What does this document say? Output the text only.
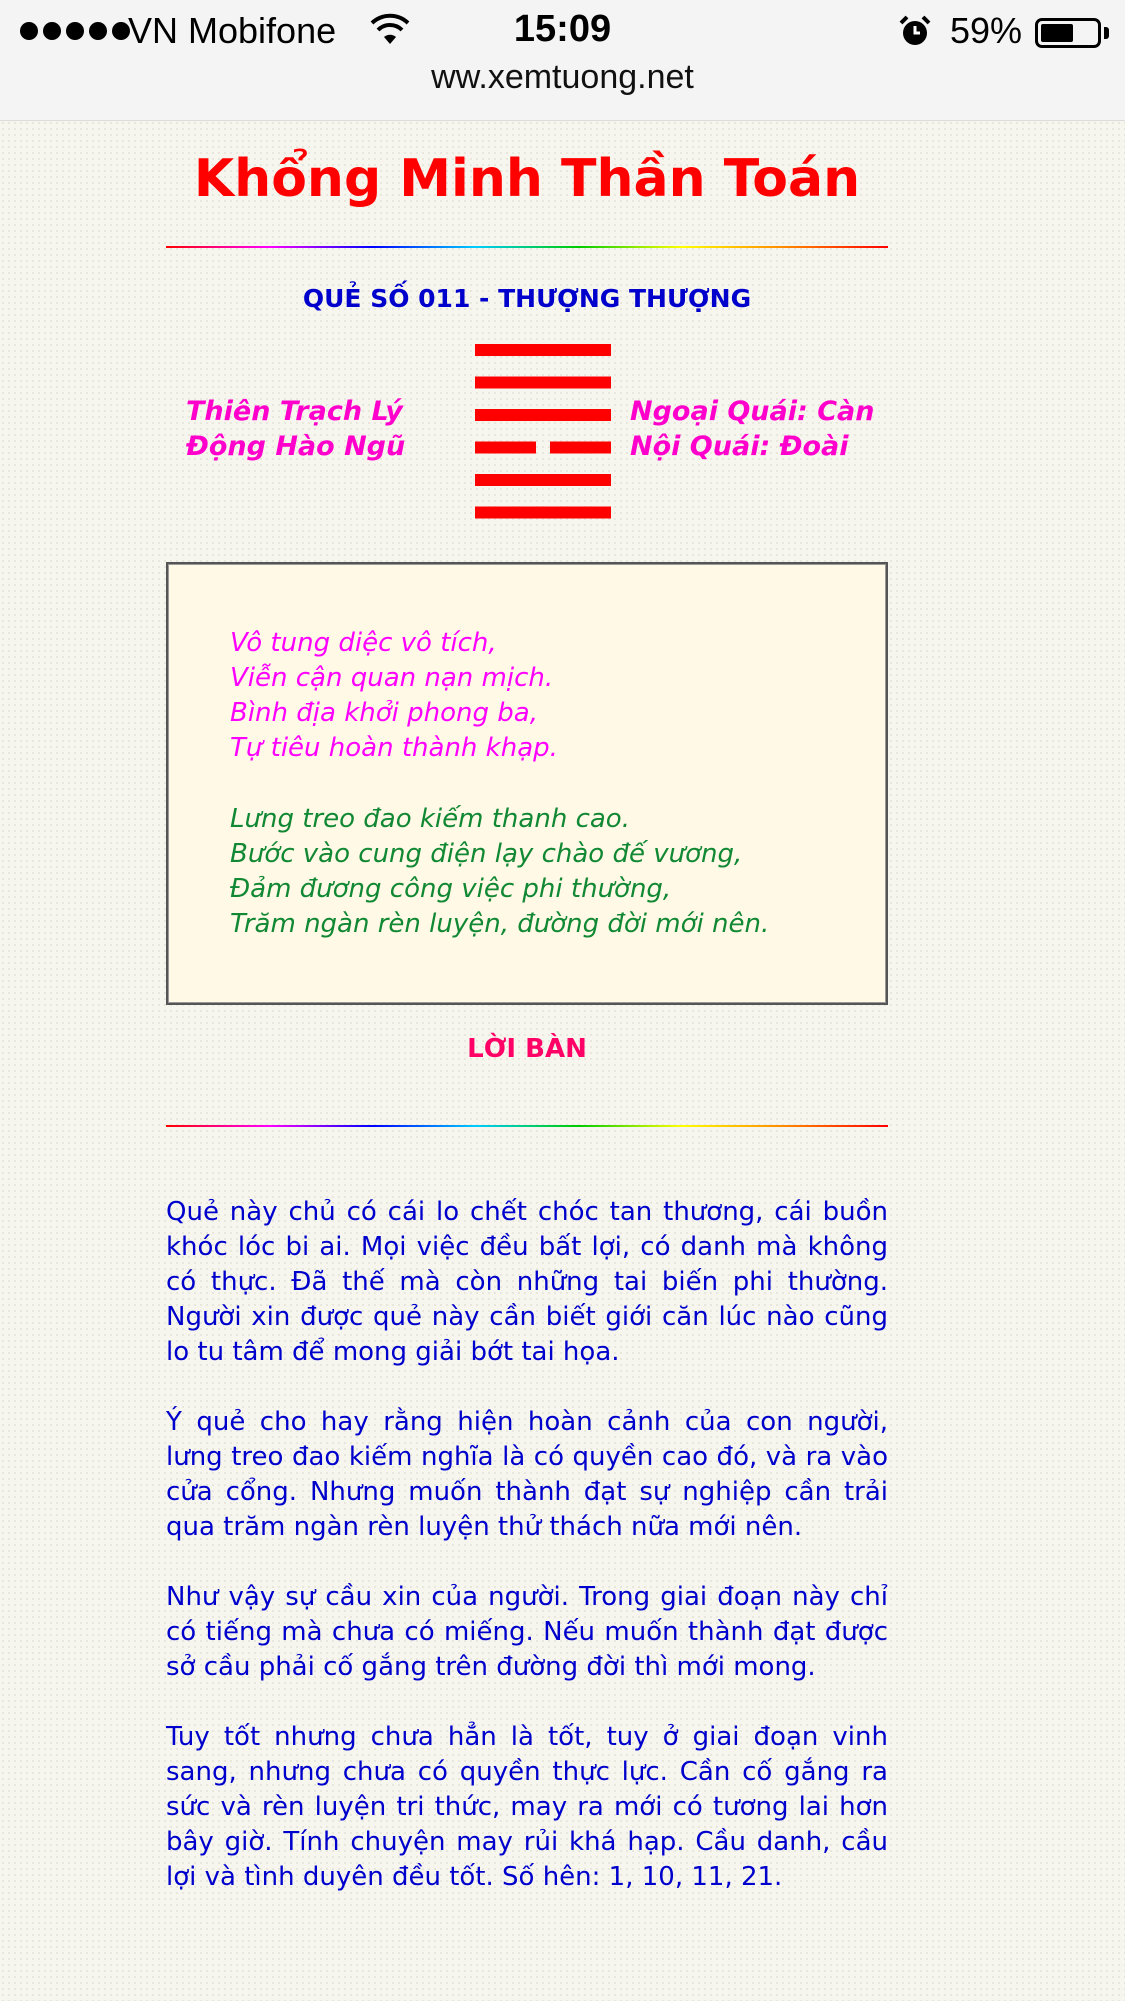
VN Mobifone	15:09	59%
ww.xemtuong.net
Khổng Minh Thần Toán
QUẺ SỐ 011 - THƯỢNG THƯỢNG
Thiên Trạch Lý
Động Hào Ngũ
Ngoại Quái: Càn
Nội Quái: Đoài
Vô tung diệc vô tích,
Viễn cận quan nạn mịch.
Bình địa khởi phong ba,
Tự tiêu hoàn thành khạp.
Lưng treo đao kiếm thanh cao.
Bước vào cung điện lạy chào đế vương,
Đảm đương công việc phi thường,
Trăm ngàn rèn luyện, đường đời mới nên.
LỜI BÀN

Quẻ này chủ có cái lo chết chóc tan thương, cái buồn khóc lóc bi ai. Mọi việc đều bất lợi, có danh mà không có thực. Đã thế mà còn những tai biến phi thường. Người xin được quẻ này cần biết giới căn lúc nào cũng lo tu tâm để mong giải bớt tai họa.

Ý quẻ cho hay rằng hiện hoàn cảnh của con người, lưng treo đao kiếm nghĩa là có quyền cao đó, và ra vào cửa cổng. Nhưng muốn thành đạt sự nghiệp cần trải qua trăm ngàn rèn luyện thử thách nữa mới nên.

Như vậy sự cầu xin của người. Trong giai đoạn này chỉ có tiếng mà chưa có miếng. Nếu muốn thành đạt được sở cầu phải cố gắng trên đường đời thì mới mong.

Tuy tốt nhưng chưa hẳn là tốt, tuy ở giai đoạn vinh sang, nhưng chưa có quyền thực lực. Cần cố gắng ra sức và rèn luyện tri thức, may ra mới có tương lai hơn bây giờ. Tính chuyện may rủi khá hạp. Cầu danh, cầu lợi và tình duyên đều tốt. Số hên: 1, 10, 11, 21.
